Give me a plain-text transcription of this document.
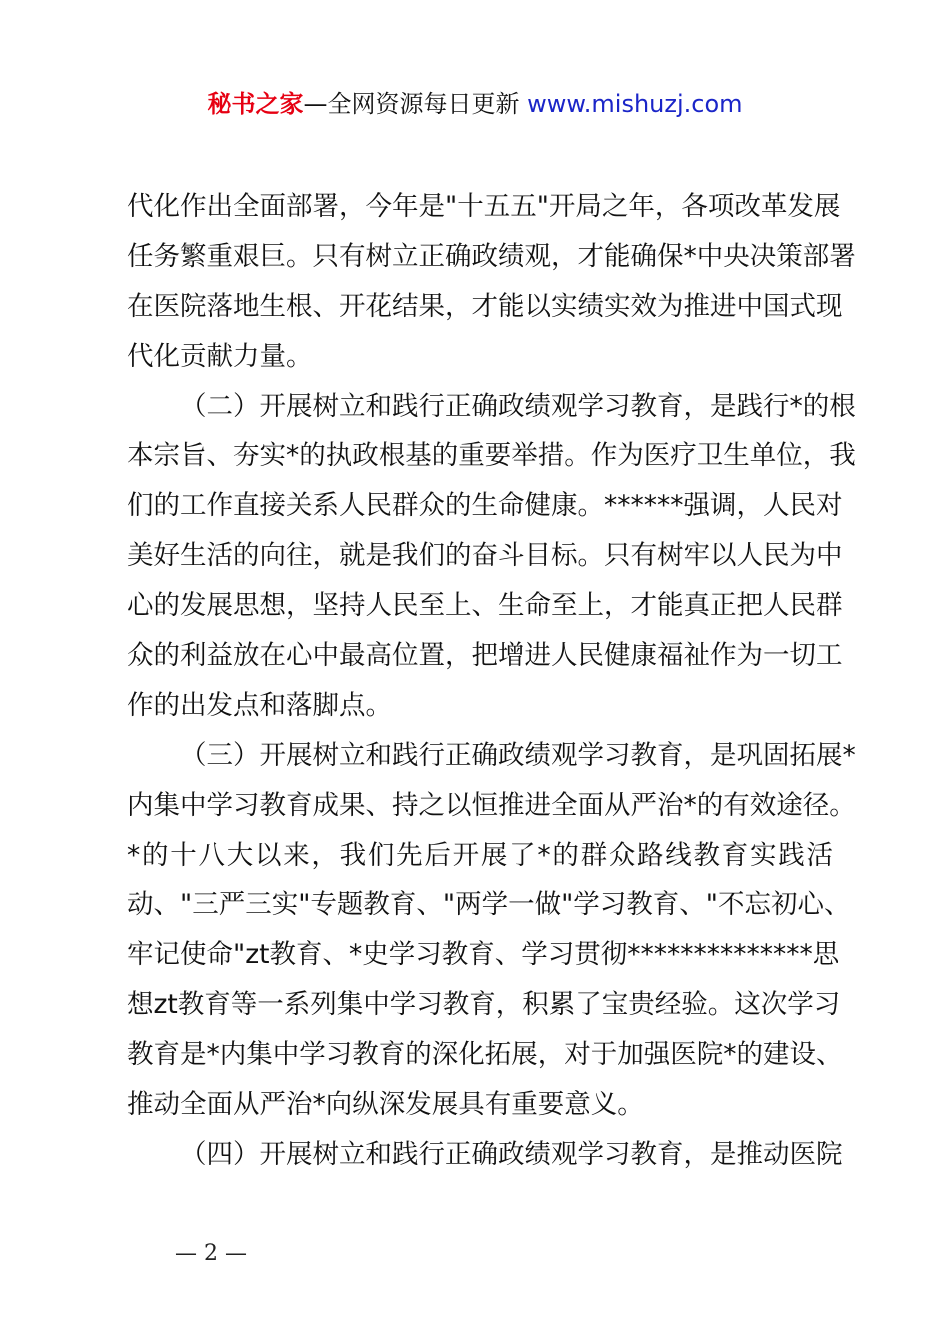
秘书之家—全网资源每日更新 www.mishuzj.com
代化作出全面部署，今年是"十五五"开局之年，各项改革发展
任务繁重艰巨。只有树立正确政绩观，才能确保*中央决策部署
在医院落地生根、开花结果，才能以实绩实效为推进中国式现
代化贡献力量。
（二）开展树立和践行正确政绩观学习教育，是践行*的根
本宗旨、夯实*的执政根基的重要举措。作为医疗卫生单位，我
们的工作直接关系人民群众的生命健康。******强调，人民对
美好生活的向往，就是我们的奋斗目标。只有树牢以人民为中
心的发展思想，坚持人民至上、生命至上，才能真正把人民群
众的利益放在心中最高位置，把增进人民健康福祉作为一切工
作的出发点和落脚点。
（三）开展树立和践行正确政绩观学习教育，是巩固拓展*
内集中学习教育成果、持之以恒推进全面从严治*的有效途径。
*的十八大以来，我们先后开展了*的群众路线教育实践活
动、"三严三实"专题教育、"两学一做"学习教育、"不忘初心、
牢记使命"zt教育、*史学习教育、学习贯彻**************思
想zt教育等一系列集中学习教育，积累了宝贵经验。这次学习
教育是*内集中学习教育的深化拓展，对于加强医院*的建设、
推动全面从严治*向纵深发展具有重要意义。
（四）开展树立和践行正确政绩观学习教育，是推动医院
— 2 —
